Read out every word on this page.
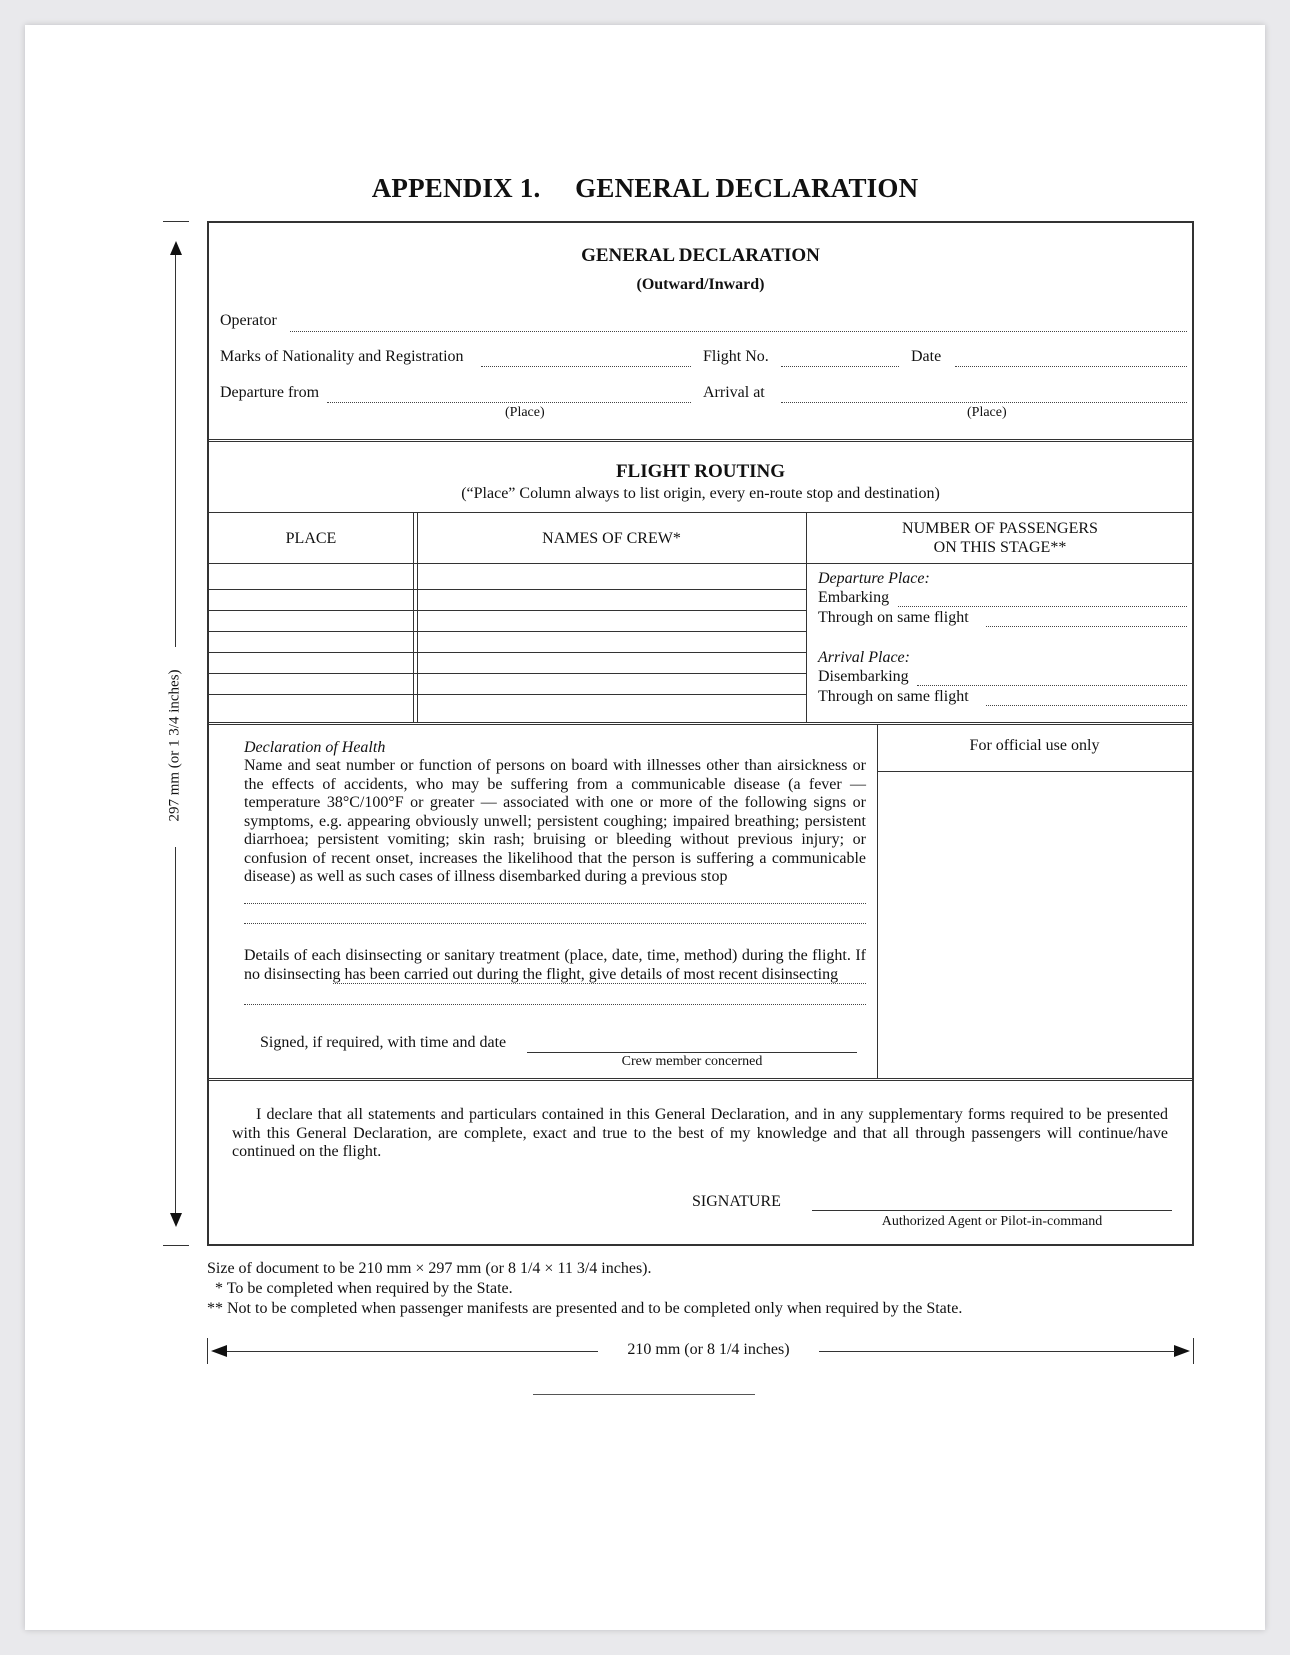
APPENDIX 1. GENERAL DECLARATION
297 mm (or 1 3/4 inches)
GENERAL DECLARATION
(Outward/Inward)
Operator
Marks of Nationality and Registration	Flight No.	Date
Departure from	Arrival at
(Place)	(Place)
FLIGHT ROUTING
(“Place” Column always to list origin, every en-route stop and destination)
PLACE	NAMES OF CREW*
NUMBER OF PASSENGERS
ON THIS STAGE**
Departure Place:
Embarking
Through on same flight
Arrival Place:
Disembarking
Through on same flight
For official use only
Declaration of Health
Name and seat number or function of persons on board with illnesses other than airsickness or the effects of accidents, who may be suffering from a communicable disease (a fever — temperature 38°C/100°F or greater — associated with one or more of the following signs or symptoms, e.g. appearing obviously unwell; persistent coughing; impaired breathing; persistent diarrhoea; persistent vomiting; skin rash; bruising or bleeding without previous injury; or confusion of recent onset, increases the likelihood that the person is suffering a communicable disease) as well as such cases of illness disembarked during a previous stop
Details of each disinsecting or sanitary treatment (place, date, time, method) during the flight. If no disinsecting has been carried out during the flight, give details of most recent disinsecting
Signed, if required, with time and date
Crew member concerned
I declare that all statements and particulars contained in this General Declaration, and in any supplementary forms required to be presented with this General Declaration, are complete, exact and true to the best of my knowledge and that all through passengers will continue/have continued on the flight.
SIGNATURE
Authorized Agent or Pilot-in-command
Size of document to be 210 mm × 297 mm (or 8 1/4 × 11 3/4 inches).
* To be completed when required by the State.
** Not to be completed when passenger manifests are presented and to be completed only when required by the State.
210 mm (or 8 1/4 inches)
